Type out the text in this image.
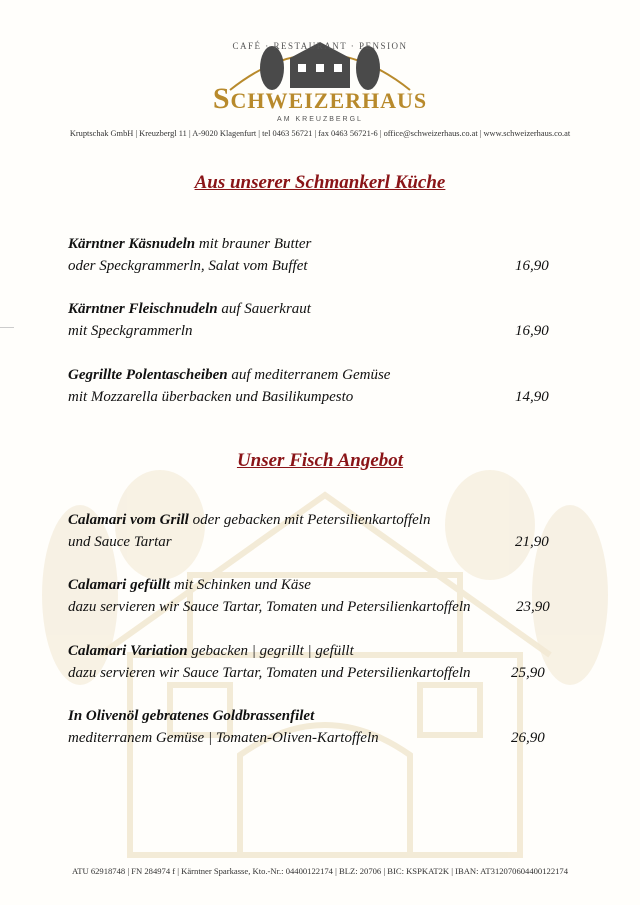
CAFÉ · RESTAURANT · PENSION
SCHWEIZERHAUS
AM KREUZBERGL
Kruptschak GmbH | Kreuzbergl 11 | A-9020 Klagenfurt | tel 0463 56721 | fax 0463 56721-6 | office@schweizerhaus.co.at | www.schweizerhaus.co.at
Aus unserer Schmankerl Küche
Kärntner Käsnudeln mit brauner Butter
oder Speckgrammerln, Salat vom Buffet	16,90
Kärntner Fleischnudeln auf Sauerkraut
mit Speckgrammerln	16,90
Gegrillte Polentascheiben auf mediterranem Gemüse
mit Mozzarella überbacken und Basilikumpesto	14,90
Unser Fisch Angebot
Calamari vom Grill oder gebacken mit Petersilienkartoffeln
und Sauce Tartar	21,90
Calamari gefüllt mit Schinken und Käse
dazu servieren wir Sauce Tartar, Tomaten und Petersilienkartoffeln	23,90
Calamari Variation gebacken | gegrillt | gefüllt
dazu servieren wir Sauce Tartar, Tomaten und Petersilienkartoffeln	25,90
In Olivenöl gebratenes Goldbrassenfilet
mediterranem Gemüse | Tomaten-Oliven-Kartoffeln	26,90
ATU 62918748 | FN 284974 f | Kärntner Sparkasse, Kto.-Nr.: 04400122174 | BLZ: 20706 | BIC: KSPKAT2K | IBAN: AT312070604400122174
